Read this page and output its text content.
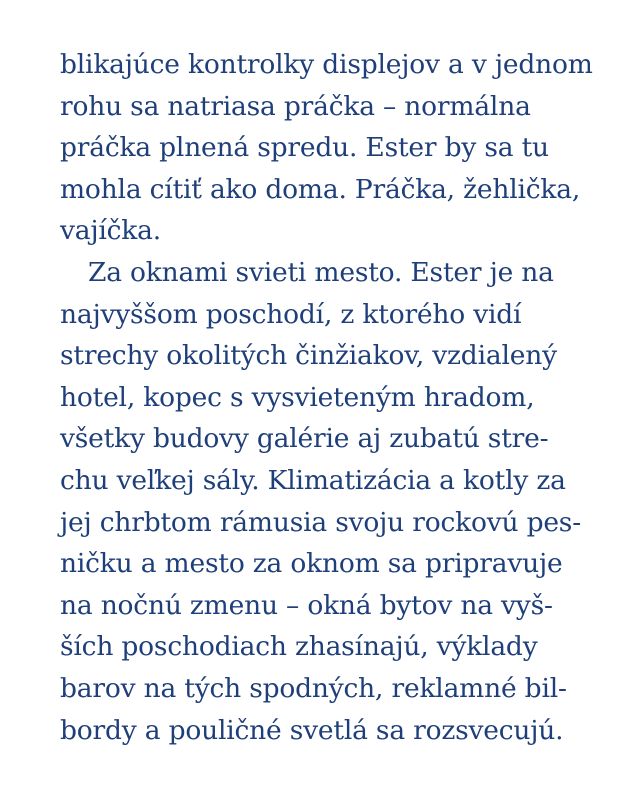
blikajúce kontrolky displejov a v jednom
rohu sa natriasa práčka – normálna
práčka plnená spredu. Ester by sa tu
mohla cítiť ako doma. Práčka, žehlička,
vajíčka.
Za oknami svieti mesto. Ester je na
najvyššom poschodí, z ktorého vidí
strechy okolitých činžiakov, vzdialený
hotel, kopec s vysvieteným hradom,
všetky budovy galérie aj zubatú stre-
chu veľkej sály. Klimatizácia a kotly za
jej chrbtom rámusia svoju rockovú pes-
ničku a mesto za oknom sa pripravuje
na nočnú zmenu – okná bytov na vyš-
ších poschodiach zhasínajú, výklady
barov na tých spodných, reklamné bil-
bordy a pouličné svetlá sa rozsvecujú.
